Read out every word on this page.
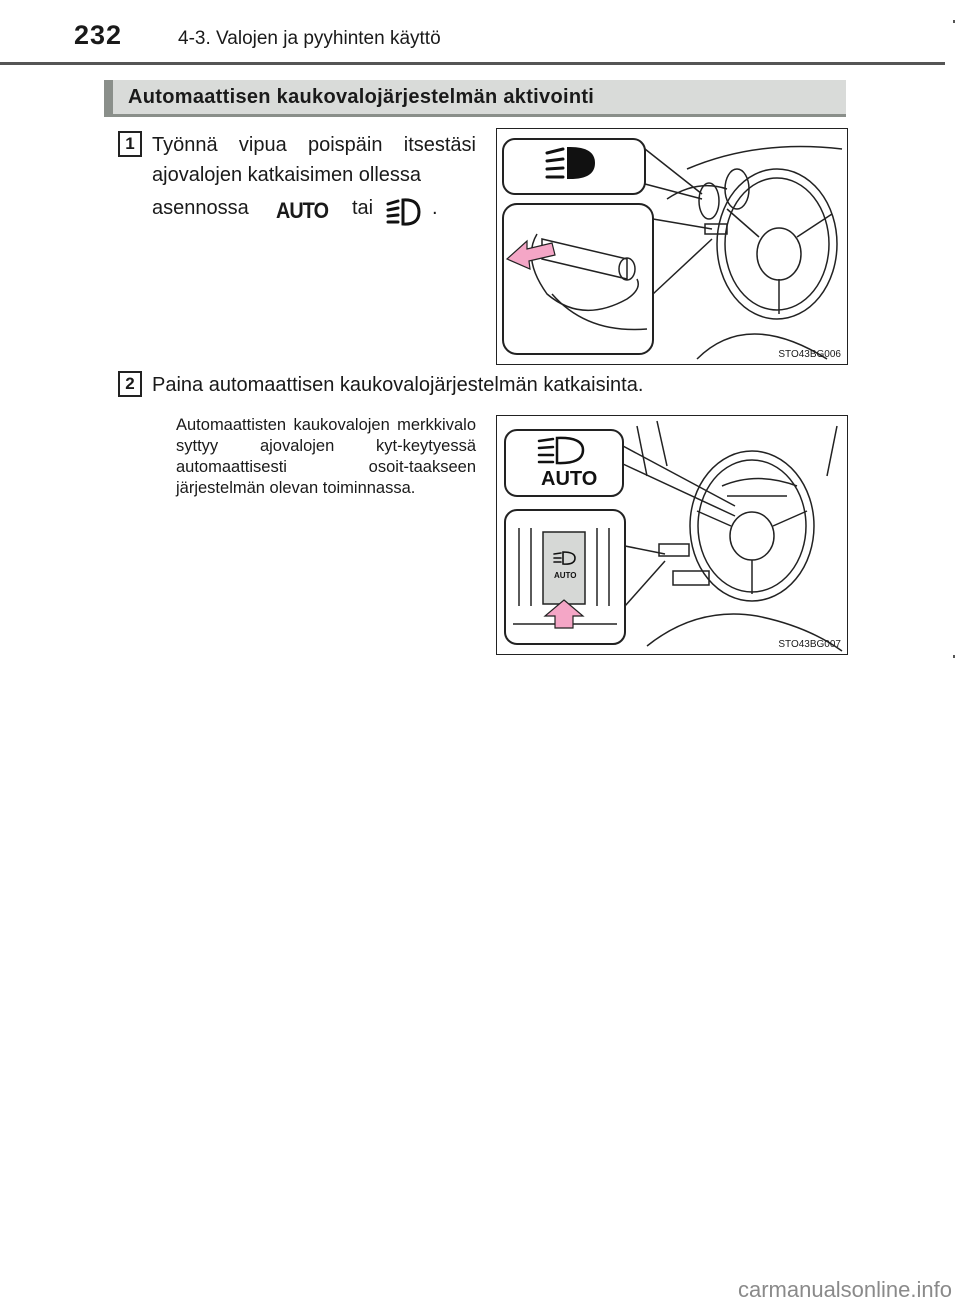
232	4-3. Valojen ja pyyhinten käyttö
Automaattisen kaukovalojärjestelmän aktivointi
1 Työnnä vipua poispäin itsestäsi ajovalojen katkaisimen ollessa
asennossa AUTO tai	.
STO43BG006
2 Paina automaattisen kaukovalojärjestelmän katkaisinta.
Automaattisten kaukovalojen merkkivalo syttyy ajovalojen kyt-keytyessä automaattisesti osoit-taakseen järjestelmän olevan toiminnassa.	AUTO
AUTO
STO43BG007
carmanualsonline.info
